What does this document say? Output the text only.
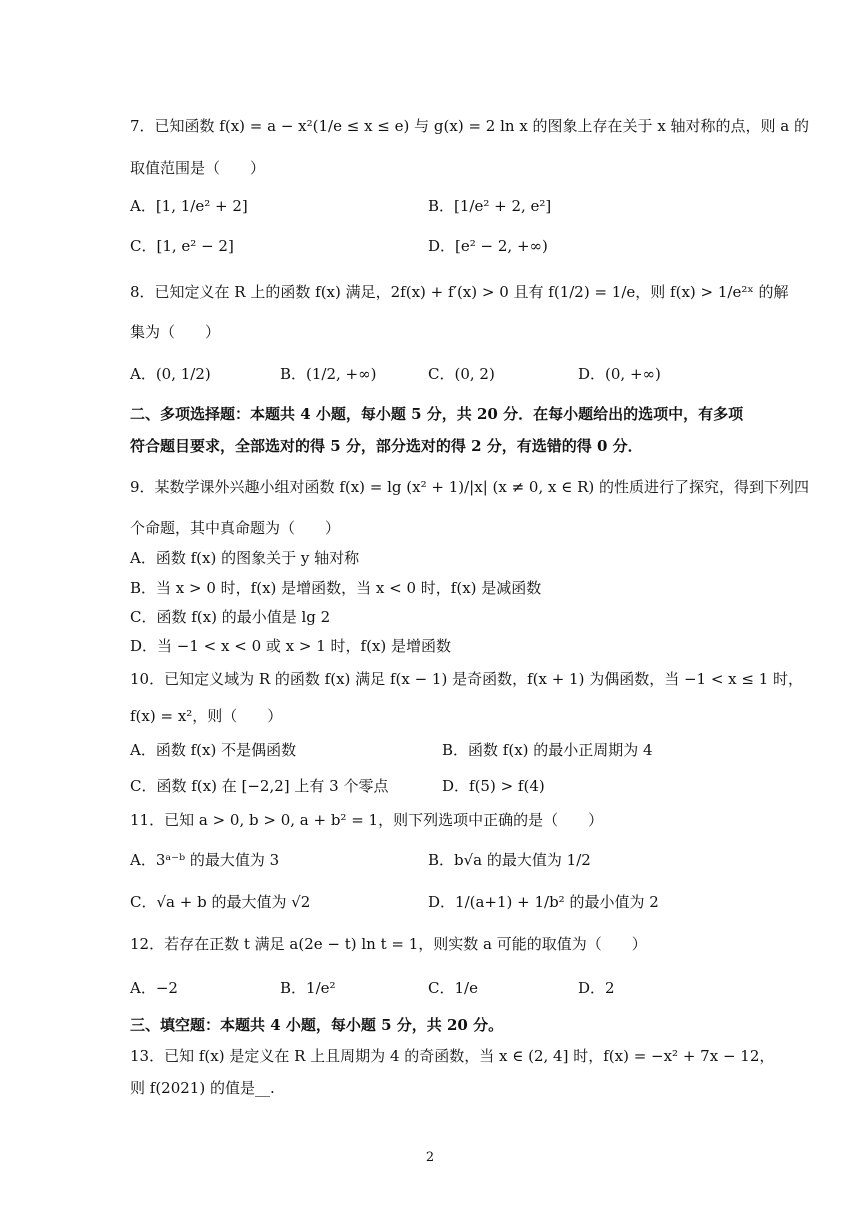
7．已知函数 f(x) = a − x²(1/e ≤ x ≤ e) 与 g(x) = 2 ln x 的图象上存在关于 x 轴对称的点，则 a 的
取值范围是（　　）
A．[1, 1/e² + 2]	B．[1/e² + 2, e²]
C．[1, e² − 2]	D．[e² − 2, +∞)
8．已知定义在 R 上的函数 f(x) 满足，2f(x) + f′(x) > 0 且有 f(1/2) = 1/e，则 f(x) > 1/e²ˣ 的解
集为（　　）
A．(0, 1/2)	B．(1/2, +∞)	C．(0, 2)	D．(0, +∞)
二、多项选择题：本题共 4 小题，每小题 5 分，共 20 分．在每小题给出的选项中，有多项
符合题目要求，全部选对的得 5 分，部分选对的得 2 分，有选错的得 0 分．
9．某数学课外兴趣小组对函数 f(x) = lg (x² + 1)/|x| (x ≠ 0, x ∈ R) 的性质进行了探究，得到下列四
个命题，其中真命题为（　　）
A．函数 f(x) 的图象关于 y 轴对称
B．当 x > 0 时，f(x) 是增函数，当 x < 0 时，f(x) 是减函数
C．函数 f(x) 的最小值是 lg 2
D．当 −1 < x < 0 或 x > 1 时，f(x) 是增函数
10．已知定义域为 R 的函数 f(x) 满足 f(x − 1) 是奇函数，f(x + 1) 为偶函数，当 −1 < x ≤ 1 时，
f(x) = x²，则（　　）
A．函数 f(x) 不是偶函数	B．函数 f(x) 的最小正周期为 4
C．函数 f(x) 在 [−2,2] 上有 3 个零点	D．f(5) > f(4)
11．已知 a > 0, b > 0, a + b² = 1，则下列选项中正确的是（　　）
A．3ᵃ⁻ᵇ 的最大值为 3	B．b√a 的最大值为 1/2
C．√a + b 的最大值为 √2	D．1/(a+1) + 1/b² 的最小值为 2
12．若存在正数 t 满足 a(2e − t) ln t = 1，则实数 a 可能的取值为（　　）
A．−2	B．1/e²	C．1/e	D．2
三、填空题：本题共 4 小题，每小题 5 分，共 20 分。
13．已知 f(x) 是定义在 R 上且周期为 4 的奇函数，当 x ∈ (2, 4] 时，f(x) = −x² + 7x − 12，
则 f(2021) 的值是__.
2
